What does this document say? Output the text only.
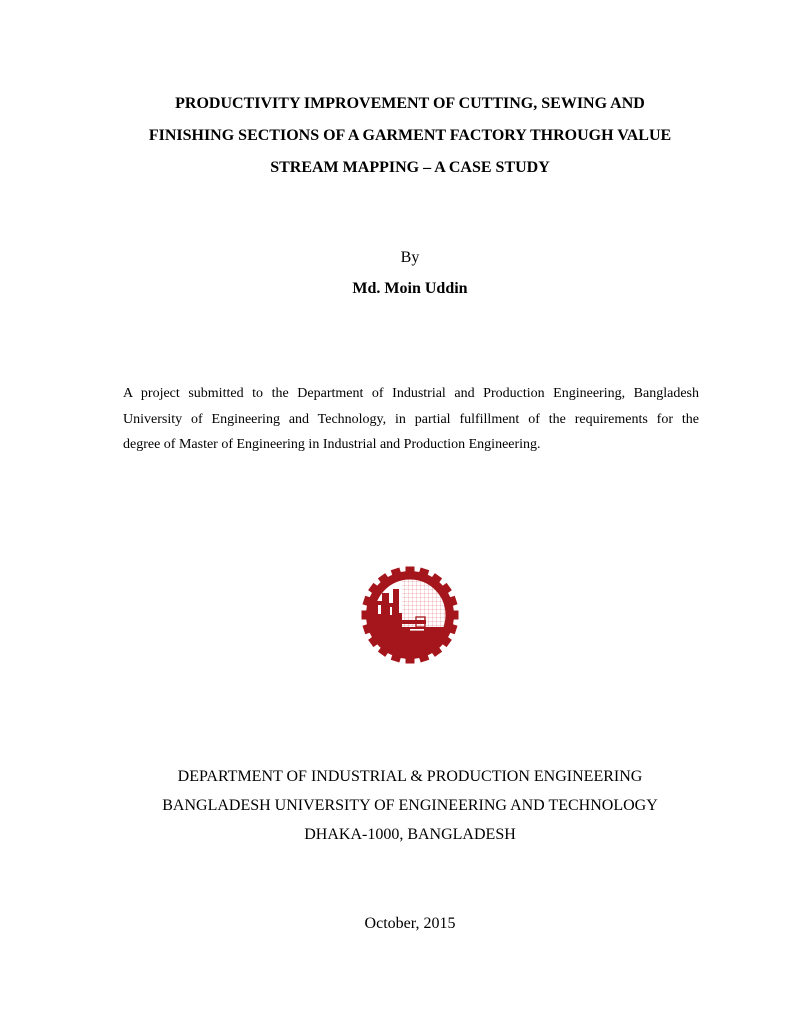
PRODUCTIVITY IMPROVEMENT OF CUTTING, SEWING AND
FINISHING SECTIONS OF A GARMENT FACTORY THROUGH VALUE
STREAM MAPPING – A CASE STUDY
By
Md. Moin Uddin

A project submitted to the Department of Industrial and Production Engineering, Bangladesh
University of Engineering and Technology, in partial fulfillment of the requirements for the
degree of Master of Engineering in Industrial and Production Engineering.

DEPARTMENT OF INDUSTRIAL & PRODUCTION ENGINEERING
BANGLADESH UNIVERSITY OF ENGINEERING AND TECHNOLOGY
DHAKA-1000, BANGLADESH
October, 2015
